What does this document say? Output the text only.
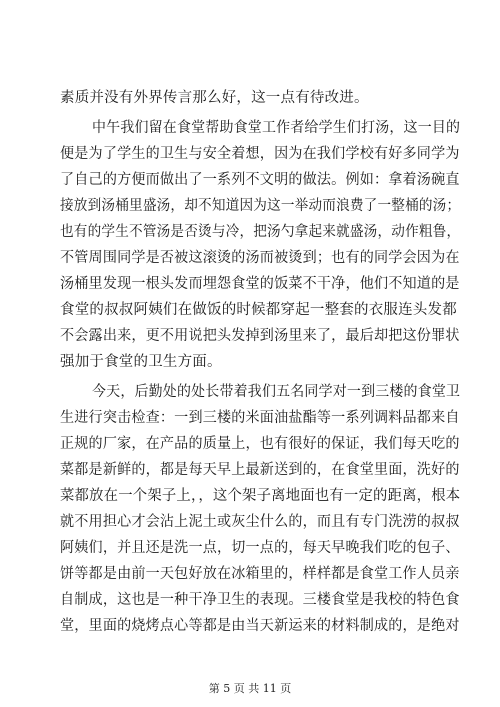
素质并没有外界传言那么好，这一点有待改进。
中午我们留在食堂帮助食堂工作者给学生们打汤，这一目的
便是为了学生的卫生与安全着想，因为在我们学校有好多同学为
了自己的方便而做出了一系列不文明的做法。例如：拿着汤碗直
接放到汤桶里盛汤，却不知道因为这一举动而浪费了一整桶的汤；
也有的学生不管汤是否烫与冷，把汤勺拿起来就盛汤，动作粗鲁，
不管周围同学是否被这滚烫的汤而被烫到；也有的同学会因为在
汤桶里发现一根头发而埋怨食堂的饭菜不干净，他们不知道的是
食堂的叔叔阿姨们在做饭的时候都穿起一整套的衣服连头发都
不会露出来，更不用说把头发掉到汤里来了，最后却把这份罪状
强加于食堂的卫生方面。
今天，后勤处的处长带着我们五名同学对一到三楼的食堂卫
生进行突击检查：一到三楼的米面油盐酯等一系列调料品都来自
正规的厂家，在产品的质量上，也有很好的保证，我们每天吃的
菜都是新鲜的，都是每天早上最新送到的，在食堂里面，洗好的
菜都放在一个架子上，，这个架子离地面也有一定的距离，根本
就不用担心才会沾上泥土或灰尘什么的，而且有专门洗涝的叔叔
阿姨们，并且还是洗一点，切一点的，每天早晚我们吃的包子、
饼等都是由前一天包好放在冰箱里的，样样都是食堂工作人员亲
自制成，这也是一种干净卫生的表现。三楼食堂是我校的特色食
堂，里面的烧烤点心等都是由当天新运来的材料制成的，是绝对
第 5 页 共 11 页
